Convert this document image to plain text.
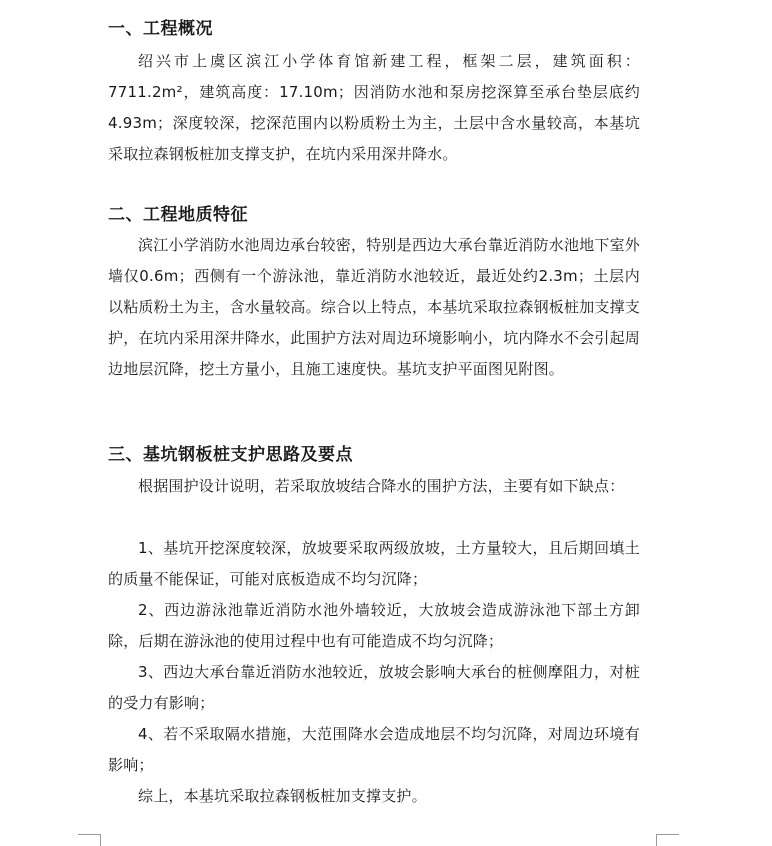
一、工程概况
绍兴市上虞区滨江小学体育馆新建工程，框架二层，建筑面积：7711.2m²，建筑高度：17.10m；因消防水池和泵房挖深算至承台垫层底约4.93m；深度较深，挖深范围内以粉质粉土为主，土层中含水量较高，本基坑采取拉森钢板桩加支撑支护，在坑内采用深井降水。
二、工程地质特征
滨江小学消防水池周边承台较密，特别是西边大承台靠近消防水池地下室外墙仅0.6m；西侧有一个游泳池，靠近消防水池较近，最近处约2.3m；土层内以粘质粉土为主，含水量较高。综合以上特点，本基坑采取拉森钢板桩加支撑支护，在坑内采用深井降水，此围护方法对周边环境影响小，坑内降水不会引起周边地层沉降，挖土方量小，且施工速度快。基坑支护平面图见附图。
三、基坑钢板桩支护思路及要点
根据围护设计说明，若采取放坡结合降水的围护方法，主要有如下缺点：
1、基坑开挖深度较深，放坡要采取两级放坡，土方量较大，且后期回填土的质量不能保证，可能对底板造成不均匀沉降；
2、西边游泳池靠近消防水池外墙较近，大放坡会造成游泳池下部土方卸除，后期在游泳池的使用过程中也有可能造成不均匀沉降；
3、西边大承台靠近消防水池较近，放坡会影响大承台的桩侧摩阻力，对桩的受力有影响；
4、若不采取隔水措施，大范围降水会造成地层不均匀沉降，对周边环境有影响；
综上，本基坑采取拉森钢板桩加支撑支护。
